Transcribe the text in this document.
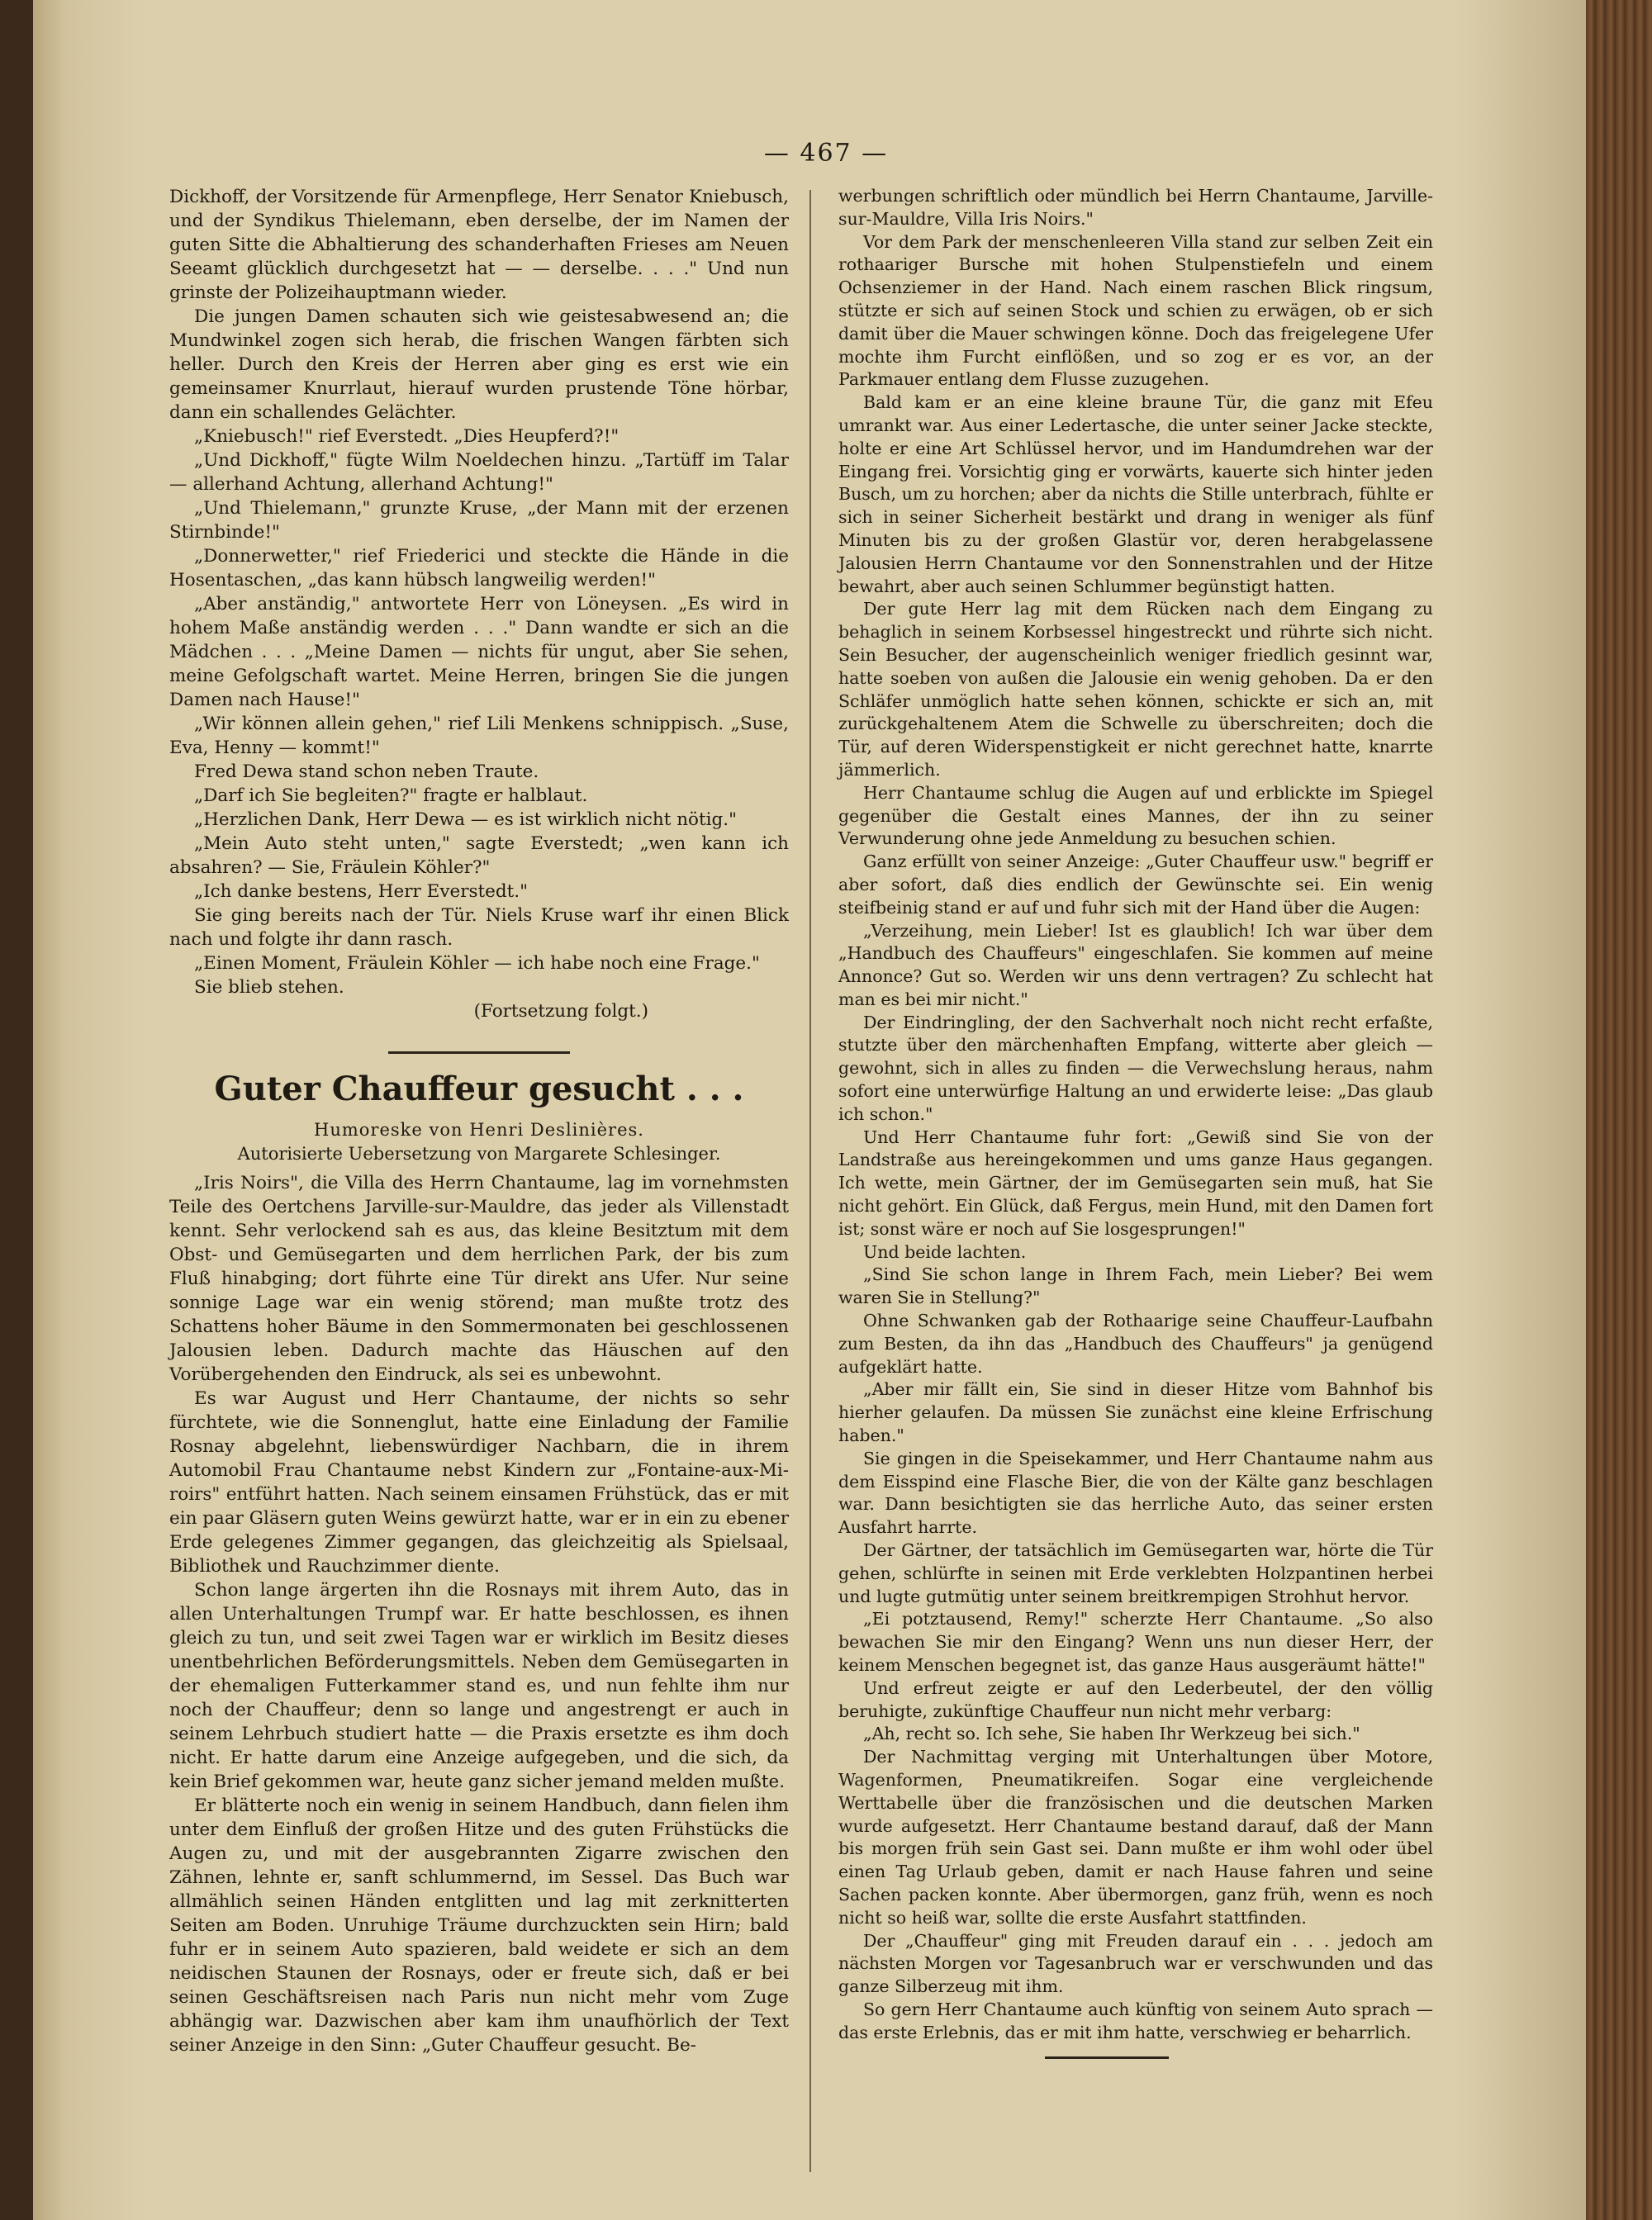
— 467 —

Dickhoff, der Vorsitzende für Armenpflege, Herr Senator Kniebusch, und der Syndikus Thielemann, eben derselbe, der im Namen der guten Sitte die Abhaltierung des schanderhaften Frieses am Neuen Seeamt glücklich durchgesetzt hat — — derselbe. . . ." Und nun grinste der Polizeihauptmann wieder.

Die jungen Damen schauten sich wie geistesabwesend an; die Mundwinkel zogen sich herab, die frischen Wangen färbten sich heller. Durch den Kreis der Herren aber ging es erst wie ein gemeinsamer Knurrlaut, hierauf wurden prustende Töne hörbar, dann ein schallendes Gelächter.

„Kniebusch!" rief Everstedt. „Dies Heupferd?!"

„Und Dickhoff," fügte Wilm Noeldechen hinzu. „Tartüff im Talar — allerhand Achtung, allerhand Achtung!"

„Und Thielemann," grunzte Kruse, „der Mann mit der erzenen Stirnbinde!"

„Donnerwetter," rief Friederici und steckte die Hände in die Hosentaschen, „das kann hübsch langweilig werden!"

„Aber anständig," antwortete Herr von Löneysen. „Es wird in hohem Maße anständig werden . . ." Dann wandte er sich an die Mädchen . . . „Meine Damen — nichts für ungut, aber Sie sehen, meine Gefolgschaft wartet. Meine Herren, bringen Sie die jungen Damen nach Hause!"

„Wir können allein gehen," rief Lili Menkens schnippisch. „Suse, Eva, Henny — kommt!"

Fred Dewa stand schon neben Traute.

„Darf ich Sie begleiten?" fragte er halblaut.

„Herzlichen Dank, Herr Dewa — es ist wirklich nicht nötig."

„Mein Auto steht unten," sagte Everstedt; „wen kann ich absahren? — Sie, Fräulein Köhler?"

„Ich danke bestens, Herr Everstedt."

Sie ging bereits nach der Tür. Niels Kruse warf ihr einen Blick nach und folgte ihr dann rasch.

„Einen Moment, Fräulein Köhler — ich habe noch eine Frage."

Sie blieb stehen.

(Fortsetzung folgt.)

Guter Chauffeur gesucht . . .
Humoreske von Henri Deslinières.
Autorisierte Uebersetzung von Margarete Schlesinger.

„Iris Noirs", die Villa des Herrn Chantaume, lag im vornehmsten Teile des Oertchens Jarville-sur-Mauldre, das jeder als Villenstadt kennt. Sehr verlockend sah es aus, das kleine Besitztum mit dem Obst- und Gemüsegarten und dem herrlichen Park, der bis zum Fluß hinabging; dort führte eine Tür direkt ans Ufer. Nur seine sonnige Lage war ein wenig störend; man mußte trotz des Schattens hoher Bäume in den Sommermonaten bei geschlossenen Jalousien leben. Dadurch machte das Häuschen auf den Vorübergehenden den Eindruck, als sei es unbewohnt.

Es war August und Herr Chantaume, der nichts so sehr fürchtete, wie die Sonnenglut, hatte eine Einladung der Familie Rosnay abgelehnt, liebenswürdiger Nachbarn, die in ihrem Automobil Frau Chantaume nebst Kindern zur „Fontaine-aux-Mi-roirs" entführt hatten. Nach seinem einsamen Frühstück, das er mit ein paar Gläsern guten Weins gewürzt hatte, war er in ein zu ebener Erde gelegenes Zimmer gegangen, das gleichzeitig als Spielsaal, Bibliothek und Rauchzimmer diente.

Schon lange ärgerten ihn die Rosnays mit ihrem Auto, das in allen Unterhaltungen Trumpf war. Er hatte beschlossen, es ihnen gleich zu tun, und seit zwei Tagen war er wirklich im Besitz dieses unentbehrlichen Beförderungsmittels. Neben dem Gemüsegarten in der ehemaligen Futterkammer stand es, und nun fehlte ihm nur noch der Chauffeur; denn so lange und angestrengt er auch in seinem Lehrbuch studiert hatte — die Praxis ersetzte es ihm doch nicht. Er hatte darum eine Anzeige aufgegeben, und die sich, da kein Brief gekommen war, heute ganz sicher jemand melden mußte.

Er blätterte noch ein wenig in seinem Handbuch, dann fielen ihm unter dem Einfluß der großen Hitze und des guten Frühstücks die Augen zu, und mit der ausgebrannten Zigarre zwischen den Zähnen, lehnte er, sanft schlummernd, im Sessel. Das Buch war allmählich seinen Händen entglitten und lag mit zerknitterten Seiten am Boden. Unruhige Träume durchzuckten sein Hirn; bald fuhr er in seinem Auto spazieren, bald weidete er sich an dem neidischen Staunen der Rosnays, oder er freute sich, daß er bei seinen Geschäftsreisen nach Paris nun nicht mehr vom Zuge abhängig war. Dazwischen aber kam ihm unaufhörlich der Text seiner Anzeige in den Sinn: „Guter Chauffeur gesucht. Be-

werbungen schriftlich oder mündlich bei Herrn Chantaume, Jarville-sur-Mauldre, Villa Iris Noirs."

Vor dem Park der menschenleeren Villa stand zur selben Zeit ein rothaariger Bursche mit hohen Stulpenstiefeln und einem Ochsenziemer in der Hand. Nach einem raschen Blick ringsum, stützte er sich auf seinen Stock und schien zu erwägen, ob er sich damit über die Mauer schwingen könne. Doch das freigelegene Ufer mochte ihm Furcht einflößen, und so zog er es vor, an der Parkmauer entlang dem Flusse zuzugehen.

Bald kam er an eine kleine braune Tür, die ganz mit Efeu umrankt war. Aus einer Ledertasche, die unter seiner Jacke steckte, holte er eine Art Schlüssel hervor, und im Handumdrehen war der Eingang frei. Vorsichtig ging er vorwärts, kauerte sich hinter jeden Busch, um zu horchen; aber da nichts die Stille unterbrach, fühlte er sich in seiner Sicherheit bestärkt und drang in weniger als fünf Minuten bis zu der großen Glastür vor, deren herabgelassene Jalousien Herrn Chantaume vor den Sonnenstrahlen und der Hitze bewahrt, aber auch seinen Schlummer begünstigt hatten.

Der gute Herr lag mit dem Rücken nach dem Eingang zu behaglich in seinem Korbsessel hingestreckt und rührte sich nicht. Sein Besucher, der augenscheinlich weniger friedlich gesinnt war, hatte soeben von außen die Jalousie ein wenig gehoben. Da er den Schläfer unmöglich hatte sehen können, schickte er sich an, mit zurückgehaltenem Atem die Schwelle zu überschreiten; doch die Tür, auf deren Widerspenstigkeit er nicht gerechnet hatte, knarrte jämmerlich.

Herr Chantaume schlug die Augen auf und erblickte im Spiegel gegenüber die Gestalt eines Mannes, der ihn zu seiner Verwunderung ohne jede Anmeldung zu besuchen schien.

Ganz erfüllt von seiner Anzeige: „Guter Chauffeur usw." begriff er aber sofort, daß dies endlich der Gewünschte sei. Ein wenig steifbeinig stand er auf und fuhr sich mit der Hand über die Augen:

„Verzeihung, mein Lieber! Ist es glaublich! Ich war über dem „Handbuch des Chauffeurs" eingeschlafen. Sie kommen auf meine Annonce? Gut so. Werden wir uns denn vertragen? Zu schlecht hat man es bei mir nicht."

Der Eindringling, der den Sachverhalt noch nicht recht erfaßte, stutzte über den märchenhaften Empfang, witterte aber gleich — gewohnt, sich in alles zu finden — die Verwechslung heraus, nahm sofort eine unterwürfige Haltung an und erwiderte leise: „Das glaub ich schon."

Und Herr Chantaume fuhr fort: „Gewiß sind Sie von der Landstraße aus hereingekommen und ums ganze Haus gegangen. Ich wette, mein Gärtner, der im Gemüsegarten sein muß, hat Sie nicht gehört. Ein Glück, daß Fergus, mein Hund, mit den Damen fort ist; sonst wäre er noch auf Sie losgesprungen!"

Und beide lachten.

„Sind Sie schon lange in Ihrem Fach, mein Lieber? Bei wem waren Sie in Stellung?"

Ohne Schwanken gab der Rothaarige seine Chauffeur-Laufbahn zum Besten, da ihn das „Handbuch des Chauffeurs" ja genügend aufgeklärt hatte.

„Aber mir fällt ein, Sie sind in dieser Hitze vom Bahnhof bis hierher gelaufen. Da müssen Sie zunächst eine kleine Erfrischung haben."

Sie gingen in die Speisekammer, und Herr Chantaume nahm aus dem Eisspind eine Flasche Bier, die von der Kälte ganz beschlagen war. Dann besichtigten sie das herrliche Auto, das seiner ersten Ausfahrt harrte.

Der Gärtner, der tatsächlich im Gemüsegarten war, hörte die Tür gehen, schlürfte in seinen mit Erde verklebten Holzpantinen herbei und lugte gutmütig unter seinem breitkrempigen Strohhut hervor.

„Ei potztausend, Remy!" scherzte Herr Chantaume. „So also bewachen Sie mir den Eingang? Wenn uns nun dieser Herr, der keinem Menschen begegnet ist, das ganze Haus ausgeräumt hätte!"

Und erfreut zeigte er auf den Lederbeutel, der den völlig beruhigte, zukünftige Chauffeur nun nicht mehr verbarg:

„Ah, recht so. Ich sehe, Sie haben Ihr Werkzeug bei sich."

Der Nachmittag verging mit Unterhaltungen über Motore, Wagenformen, Pneumatikreifen. Sogar eine vergleichende Werttabelle über die französischen und die deutschen Marken wurde aufgesetzt. Herr Chantaume bestand darauf, daß der Mann bis morgen früh sein Gast sei. Dann mußte er ihm wohl oder übel einen Tag Urlaub geben, damit er nach Hause fahren und seine Sachen packen konnte. Aber übermorgen, ganz früh, wenn es noch nicht so heiß war, sollte die erste Ausfahrt stattfinden.

Der „Chauffeur" ging mit Freuden darauf ein . . . jedoch am nächsten Morgen vor Tagesanbruch war er verschwunden und das ganze Silberzeug mit ihm.

So gern Herr Chantaume auch künftig von seinem Auto sprach — das erste Erlebnis, das er mit ihm hatte, verschwieg er beharrlich.
